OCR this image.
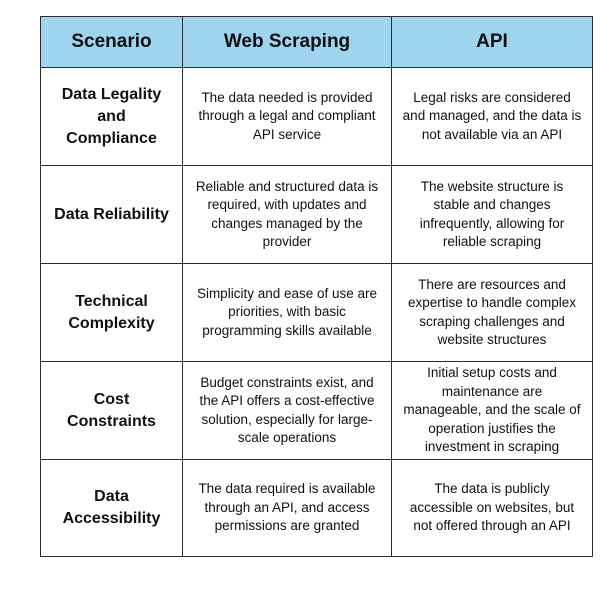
Scenario	Web Scraping	API
Data Legality and Compliance	The data needed is provided through a legal and compliant API service	Legal risks are considered and managed, and the data is not available via an API
Data Reliability	Reliable and structured data is required, with updates and changes managed by the provider	The website structure is stable and changes infrequently, allowing for reliable scraping
Technical Complexity	Simplicity and ease of use are priorities, with basic programming skills available	There are resources and expertise to handle complex scraping challenges and website structures
Cost Constraints	Budget constraints exist, and the API offers a cost-effective solution, especially for large-scale operations	Initial setup costs and maintenance are manageable, and the scale of operation justifies the investment in scraping
Data Accessibility	The data required is available through an API, and access permissions are granted	The data is publicly accessible on websites, but not offered through an API
